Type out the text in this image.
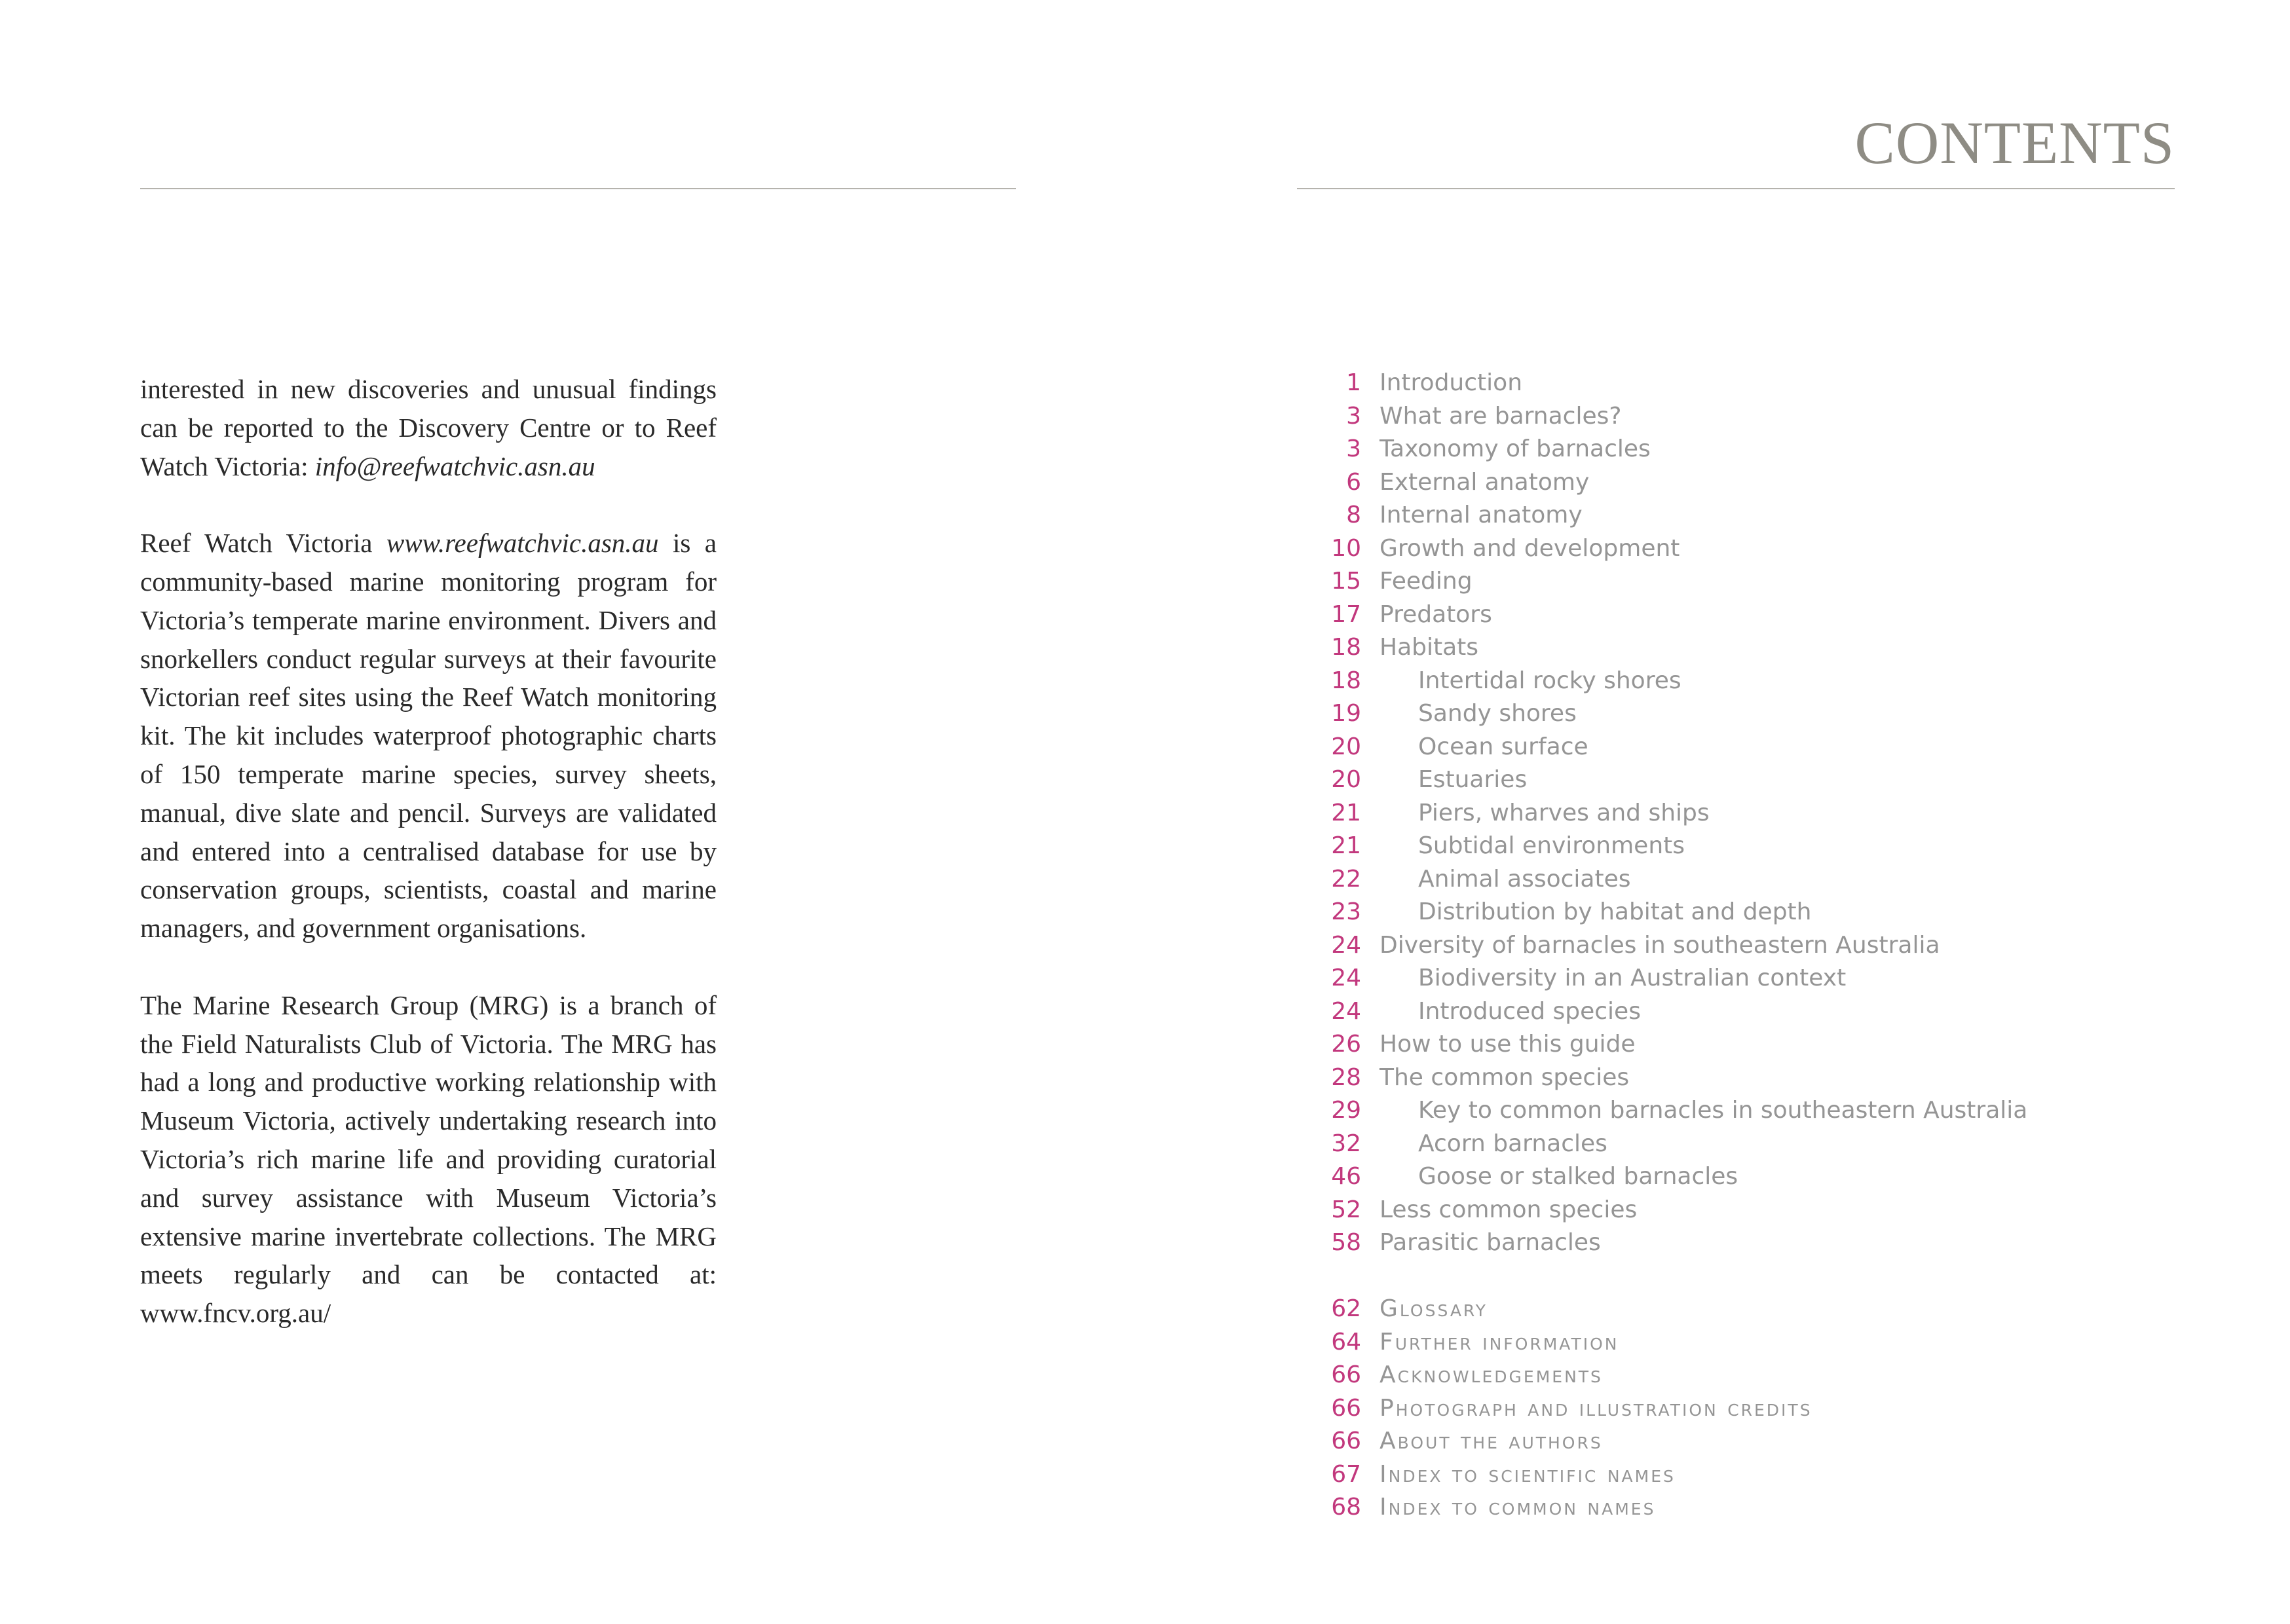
interested in new discoveries and unusual findings can be reported to the Discovery Centre or to Reef Watch Victoria: info@reefwatchvic.asn.au

Reef Watch Victoria www.reefwatchvic.asn.au is a community-based marine monitoring program for Victoria’s temperate marine environment. Divers and snorkellers conduct regular surveys at their favourite Victorian reef sites using the Reef Watch monitoring kit. The kit includes waterproof photographic charts of 150 temperate marine species, survey sheets, manual, dive slate and pencil. Surveys are validated and entered into a centralised database for use by conservation groups, scientists, coastal and marine managers, and government organisations.

The Marine Research Group (MRG) is a branch of the Field Naturalists Club of Victoria. The MRG has had a long and productive working relationship with Museum Victoria, actively undertaking research into Victoria’s rich marine life and providing curatorial and survey assistance with Museum Victoria’s extensive marine invertebrate collections. The MRG meets regularly and can be contacted at: www.fncv.org.au/

CONTENTS
1 Introduction
3 What are barnacles?
3 Taxonomy of barnacles
6 External anatomy
8 Internal anatomy
10 Growth and development
15 Feeding
17 Predators
18 Habitats
18 Intertidal rocky shores
19 Sandy shores
20 Ocean surface
20 Estuaries
21 Piers, wharves and ships
21 Subtidal environments
22 Animal associates
23 Distribution by habitat and depth
24 Diversity of barnacles in southeastern Australia
24 Biodiversity in an Australian context
24 Introduced species
26 How to use this guide
28 The common species
29 Key to common barnacles in southeastern Australia
32 Acorn barnacles
46 Goose or stalked barnacles
52 Less common species
58 Parasitic barnacles
62 Glossary
64 Further information
66 Acknowledgements
66 Photograph and illustration credits
66 About the authors
67 Index to scientific names
68 Index to common names
